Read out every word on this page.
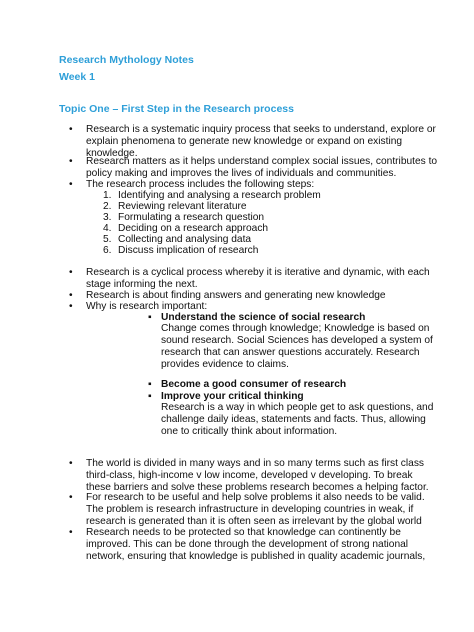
Research Mythology Notes
Week 1
Topic One – First Step in the Research process
• Research is a systematic inquiry process that seeks to understand, explore or
explain phenomena to generate new knowledge or expand on existing
knowledge.
• Research matters as it helps understand complex social issues, contributes to
policy making and improves the lives of individuals and communities.
• The research process includes the following steps:
1. Identifying and analysing a research problem
2. Reviewing relevant literature
3. Formulating a research question
4. Deciding on a research approach
5. Collecting and analysing data
6. Discuss implication of research
• Research is a cyclical process whereby it is iterative and dynamic, with each
stage informing the next.
• Research is about finding answers and generating new knowledge
• Why is research important:
▪ Understand the science of social research
Change comes through knowledge; Knowledge is based on
sound research. Social Sciences has developed a system of
research that can answer questions accurately. Research
provides evidence to claims.
▪ Become a good consumer of research
▪ Improve your critical thinking
Research is a way in which people get to ask questions, and
challenge daily ideas, statements and facts. Thus, allowing
one to critically think about information.
• The world is divided in many ways and in so many terms such as first class
third-class, high-income v low income, developed v developing. To break
these barriers and solve these problems research becomes a helping factor.
• For research to be useful and help solve problems it also needs to be valid.
The problem is research infrastructure in developing countries in weak, if
research is generated than it is often seen as irrelevant by the global world
• Research needs to be protected so that knowledge can continently be
improved. This can be done through the development of strong national
network, ensuring that knowledge is published in quality academic journals,
